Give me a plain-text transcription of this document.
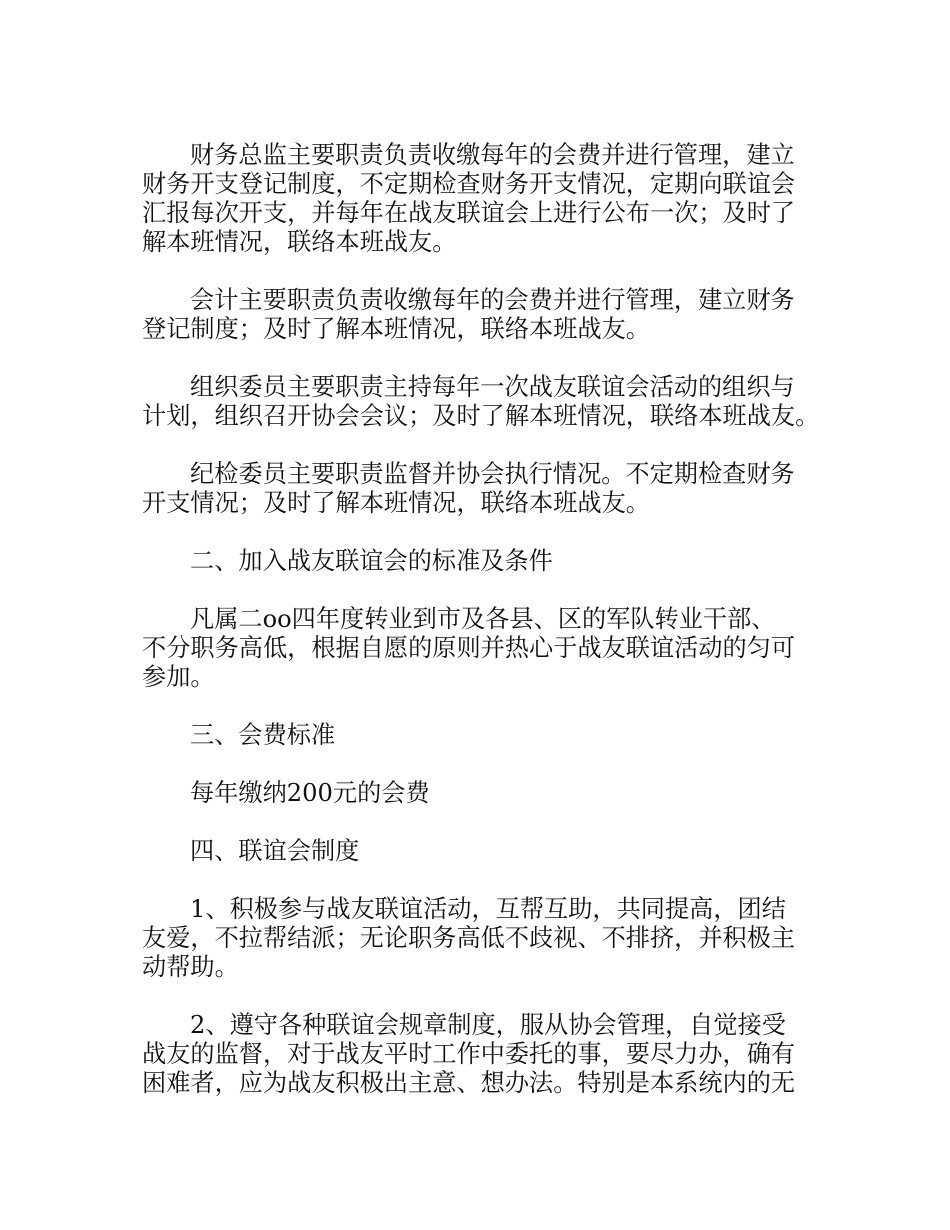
财务总监主要职责负责收缴每年的会费并进行管理，建立
财务开支登记制度，不定期检查财务开支情况，定期向联谊会
汇报每次开支，并每年在战友联谊会上进行公布一次；及时了
解本班情况，联络本班战友。

会计主要职责负责收缴每年的会费并进行管理，建立财务
登记制度；及时了解本班情况，联络本班战友。

组织委员主要职责主持每年一次战友联谊会活动的组织与
计划，组织召开协会会议；及时了解本班情况，联络本班战友。

纪检委员主要职责监督并协会执行情况。不定期检查财务
开支情况；及时了解本班情况，联络本班战友。

二、加入战友联谊会的标准及条件

凡属二oo四年度转业到市及各县、区的军队转业干部、
不分职务高低，根据自愿的原则并热心于战友联谊活动的匀可
参加。

三、会费标准

每年缴纳200元的会费

四、联谊会制度

1、积极参与战友联谊活动，互帮互助，共同提高，团结
友爱，不拉帮结派；无论职务高低不歧视、不排挤，并积极主
动帮助。

2、遵守各种联谊会规章制度，服从协会管理，自觉接受
战友的监督，对于战友平时工作中委托的事，要尽力办，确有
困难者，应为战友积极出主意、想办法。特别是本系统内的无
